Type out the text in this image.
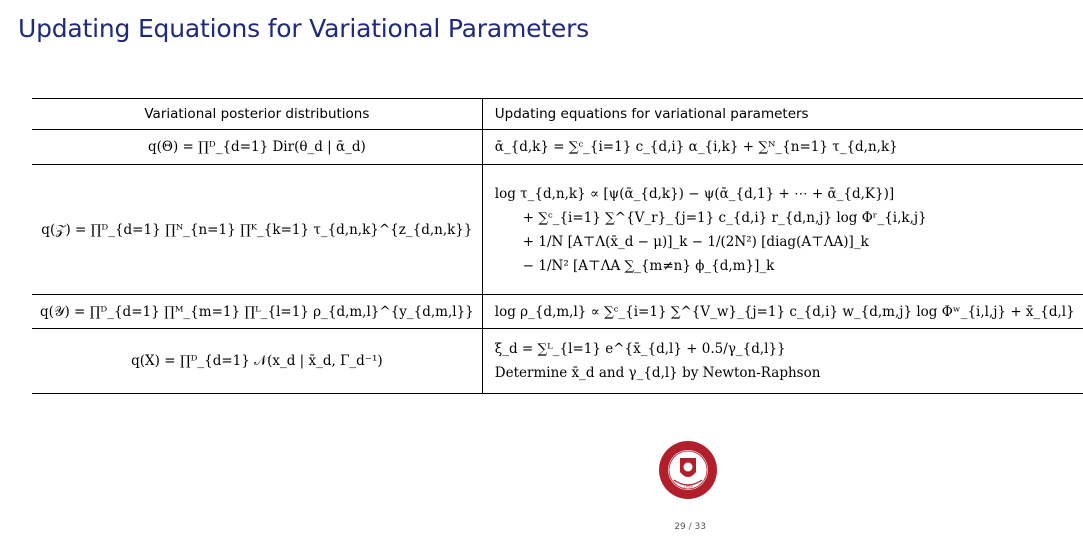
Updating Equations for Variational Parameters
Variational posterior distributions	Updating equations for variational parameters
q(Θ) = ∏ᴰ_{d=1} Dir(θ_d | ᾱ_d)	ᾱ_{d,k} = ∑ᶜ_{i=1} c_{d,i} α_{i,k} + ∑ᴺ_{n=1} τ_{d,n,k}

q(𝒵) = ∏ᴰ_{d=1} ∏ᴺ_{n=1} ∏ᴷ_{k=1} τ_{d,n,k}^{z_{d,n,k}}	log τ_{d,n,k} ∝ [ψ(ᾱ_{d,k}) − ψ(ᾱ_{d,1} + ⋯ + ᾱ_{d,K})]
+ ∑ᶜ_{i=1} ∑^{V_r}_{j=1} c_{d,i} r_{d,n,j} log Φʳ_{i,k,j}
+ 1/N [A⊤Λ(x̄_d − μ)]_k − 1/(2N²) [diag(A⊤ΛA)]_k
− 1/N² [A⊤ΛA ∑_{m≠n} ϕ_{d,m}]_k

q(𝒴) = ∏ᴰ_{d=1} ∏ᴹ_{m=1} ∏ᴸ_{l=1} ρ_{d,m,l}^{y_{d,m,l}}	log ρ_{d,m,l} ∝ ∑ᶜ_{i=1} ∑^{V_w}_{j=1} c_{d,i} w_{d,m,j} log Φʷ_{i,l,j} + x̄_{d,l}

q(X) = ∏ᴰ_{d=1} 𝒩(x_d | x̄_d, Γ_d⁻¹)	ξ_d = ∑ᴸ_{l=1} e^{x̄_{d,l} + 0.5/γ_{d,l}}
Determine x̄_d and γ_{d,l} by Newton-Raphson
1986
29 / 33
